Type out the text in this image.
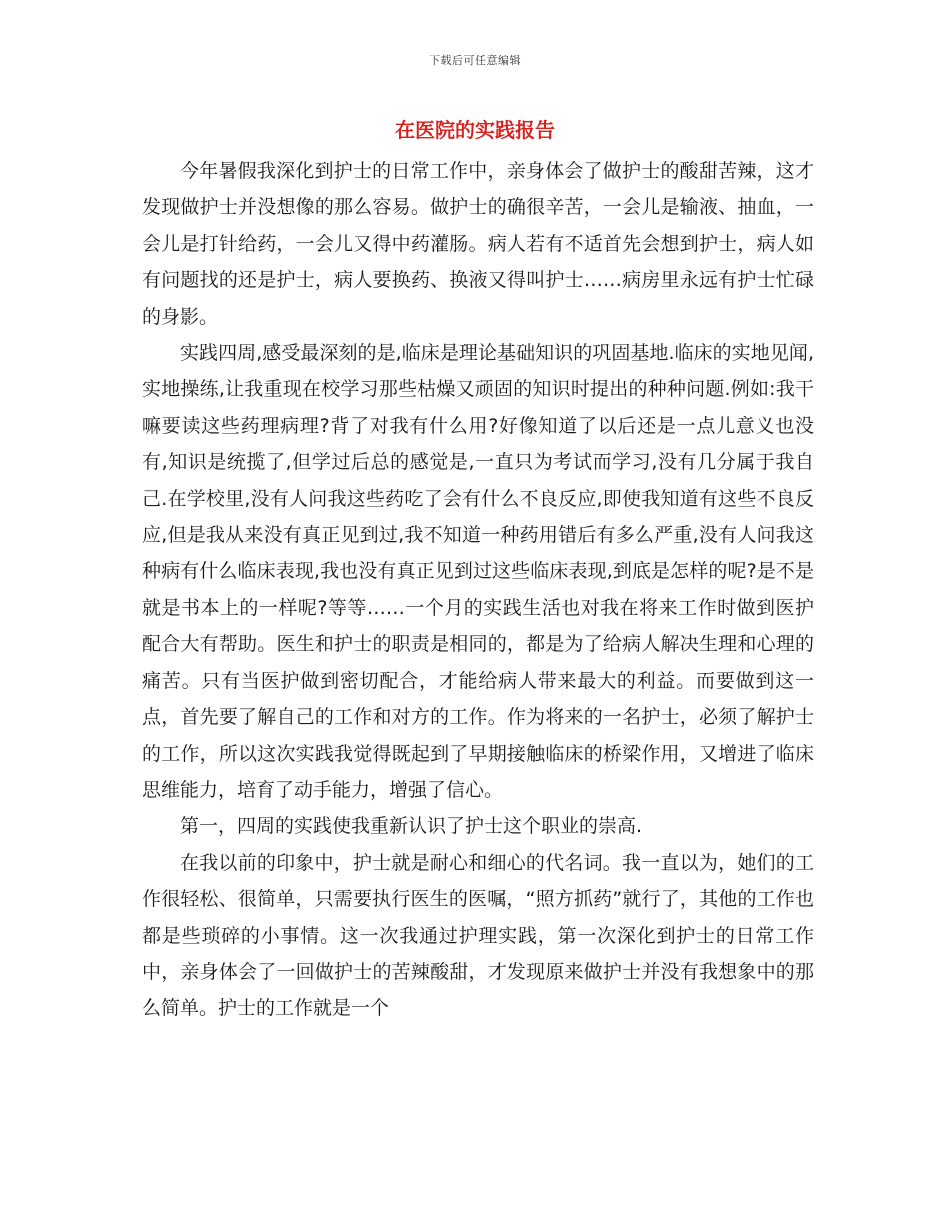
下载后可任意编辑
在医院的实践报告

今年暑假我深化到护士的日常工作中，亲身体会了做护士的酸甜苦辣，这才发现做护士并没想像的那么容易。做护士的确很辛苦，一会儿是输液、抽血，一会儿是打针给药，一会儿又得中药灌肠。病人若有不适首先会想到护士，病人如有问题找的还是护士，病人要换药、换液又得叫护士……病房里永远有护士忙碌的身影。

实践四周,感受最深刻的是,临床是理论基础知识的巩固基地.临床的实地见闻,实地操练,让我重现在校学习那些枯燥又顽固的知识时提出的种种问题.例如:我干嘛要读这些药理病理?背了对我有什么用?好像知道了以后还是一点儿意义也没有,知识是统揽了,但学过后总的感觉是,一直只为考试而学习,没有几分属于我自己.在学校里,没有人问我这些药吃了会有什么不良反应,即使我知道有这些不良反应,但是我从来没有真正见到过,我不知道一种药用错后有多么严重,没有人问我这种病有什么临床表现,我也没有真正见到过这些临床表现,到底是怎样的呢?是不是就是书本上的一样呢?等等……一个月的实践生活也对我在将来工作时做到医护配合大有帮助。医生和护士的职责是相同的，都是为了给病人解决生理和心理的痛苦。只有当医护做到密切配合，才能给病人带来最大的利益。而要做到这一点，首先要了解自己的工作和对方的工作。作为将来的一名护士，必须了解护士的工作，所以这次实践我觉得既起到了早期接触临床的桥梁作用，又增进了临床思维能力，培育了动手能力，增强了信心。

第一，四周的实践使我重新认识了护士这个职业的崇高.

在我以前的印象中，护士就是耐心和细心的代名词。我一直以为，她们的工作很轻松、很简单，只需要执行医生的医嘱，“照方抓药”就行了，其他的工作也都是些琐碎的小事情。这一次我通过护理实践，第一次深化到护士的日常工作中，亲身体会了一回做护士的苦辣酸甜，才发现原来做护士并没有我想象中的那么简单。护士的工作就是一个
